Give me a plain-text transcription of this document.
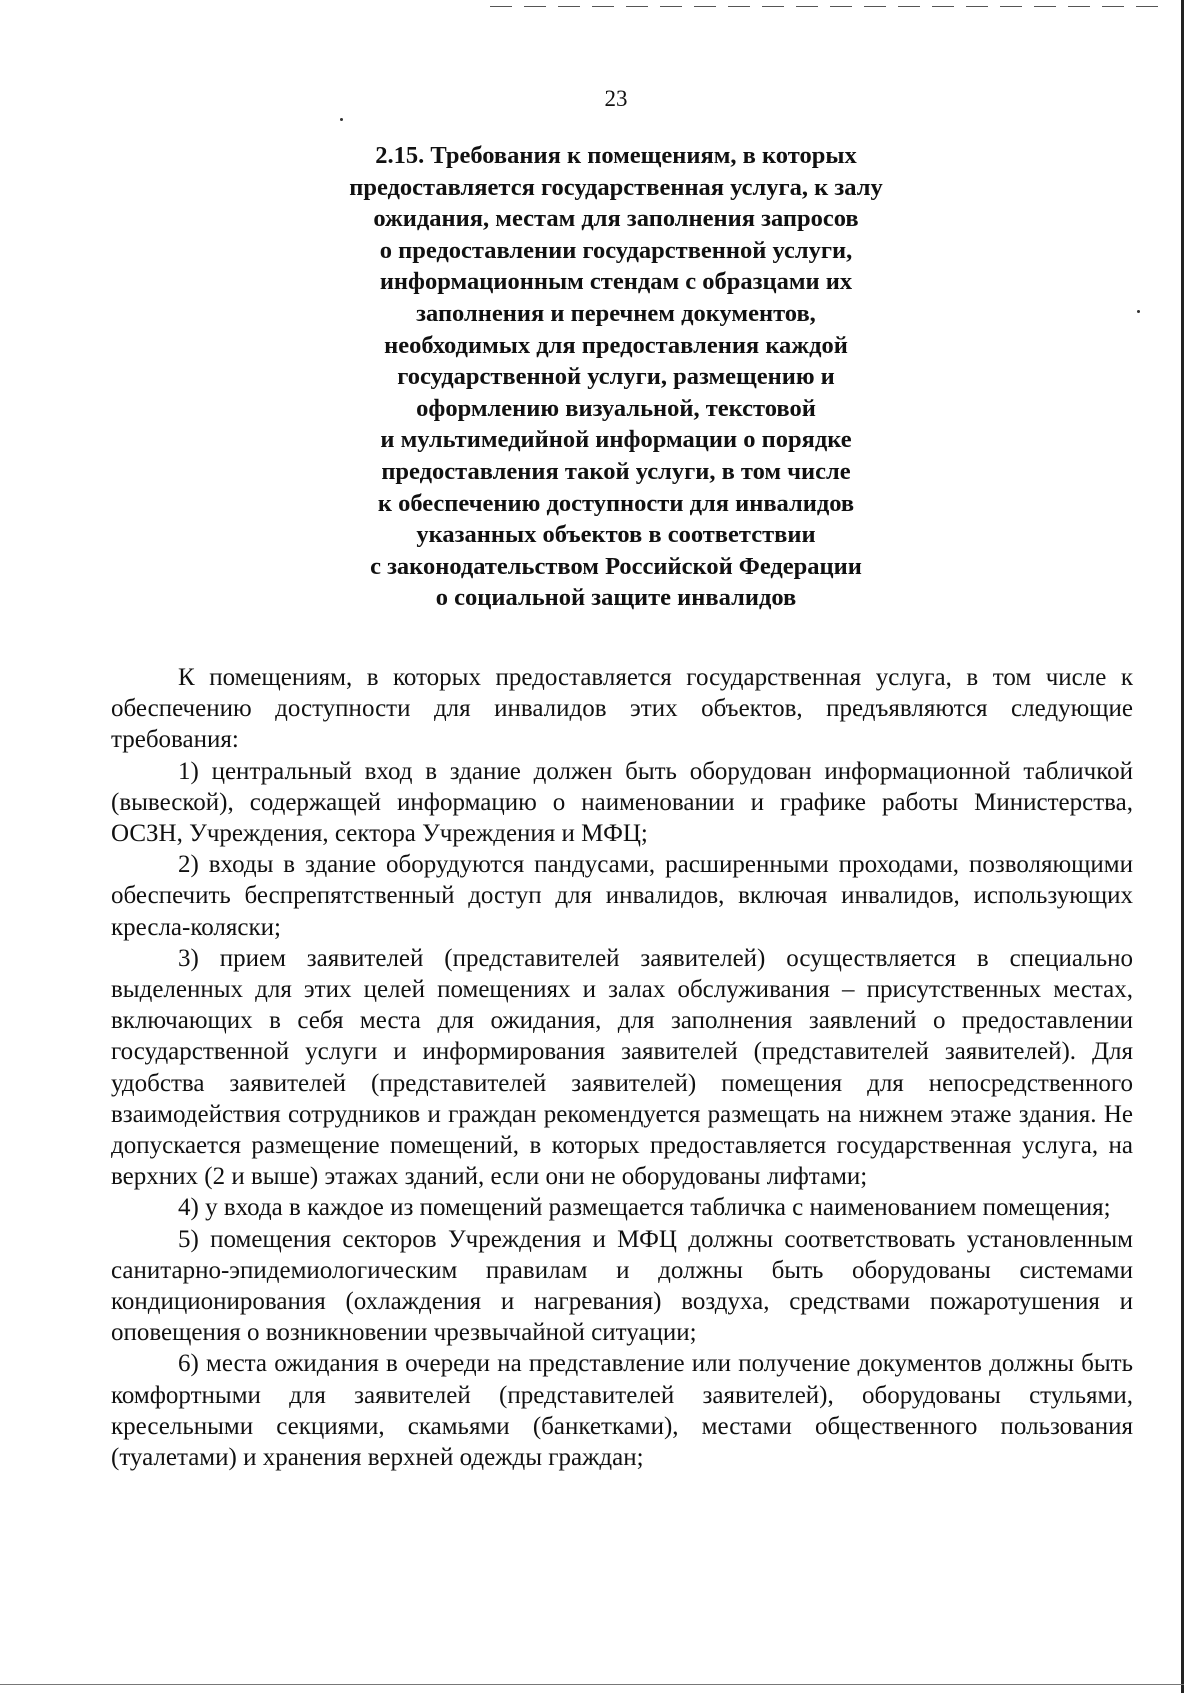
23
2.15. Требования к помещениям, в которых
предоставляется государственная услуга, к залу
ожидания, местам для заполнения запросов
о предоставлении государственной услуги,
информационным стендам с образцами их
заполнения и перечнем документов,
необходимых для предоставления каждой
государственной услуги, размещению и
оформлению визуальной, текстовой
и мультимедийной информации о порядке
предоставления такой услуги, в том числе
к обеспечению доступности для инвалидов
указанных объектов в соответствии
с законодательством Российской Федерации
о социальной защите инвалидов

К помещениям, в которых предоставляется государственная услуга, в том числе к обеспечению доступности для инвалидов этих объектов, предъявляются следующие требования:

1) центральный вход в здание должен быть оборудован информационной табличкой (вывеской), содержащей информацию о наименовании и графике работы Министерства, ОСЗН, Учреждения, сектора Учреждения и МФЦ;

2) входы в здание оборудуются пандусами, расширенными проходами, позволяющими обеспечить беспрепятственный доступ для инвалидов, включая инвалидов, использующих кресла-коляски;

3) прием заявителей (представителей заявителей) осуществляется в специально выделенных для этих целей помещениях и залах обслуживания – присутственных местах, включающих в себя места для ожидания, для заполнения заявлений о предоставлении государственной услуги и информирования заявителей (представителей заявителей). Для удобства заявителей (представителей заявителей) помещения для непосредственного взаимодействия сотрудников и граждан рекомендуется размещать на нижнем этаже здания. Не допускается размещение помещений, в которых предоставляется государственная услуга, на верхних (2 и выше) этажах зданий, если они не оборудованы лифтами;

4) у входа в каждое из помещений размещается табличка с наименованием помещения;

5) помещения секторов Учреждения и МФЦ должны соответствовать установленным санитарно-эпидемиологическим правилам и должны быть оборудованы системами кондиционирования (охлаждения и нагревания) воздуха, средствами пожаротушения и оповещения о возникновении чрезвычайной ситуации;

6) места ожидания в очереди на представление или получение документов должны быть комфортными для заявителей (представителей заявителей), оборудованы стульями, кресельными секциями, скамьями (банкетками), местами общественного пользования (туалетами) и хранения верхней одежды граждан;
